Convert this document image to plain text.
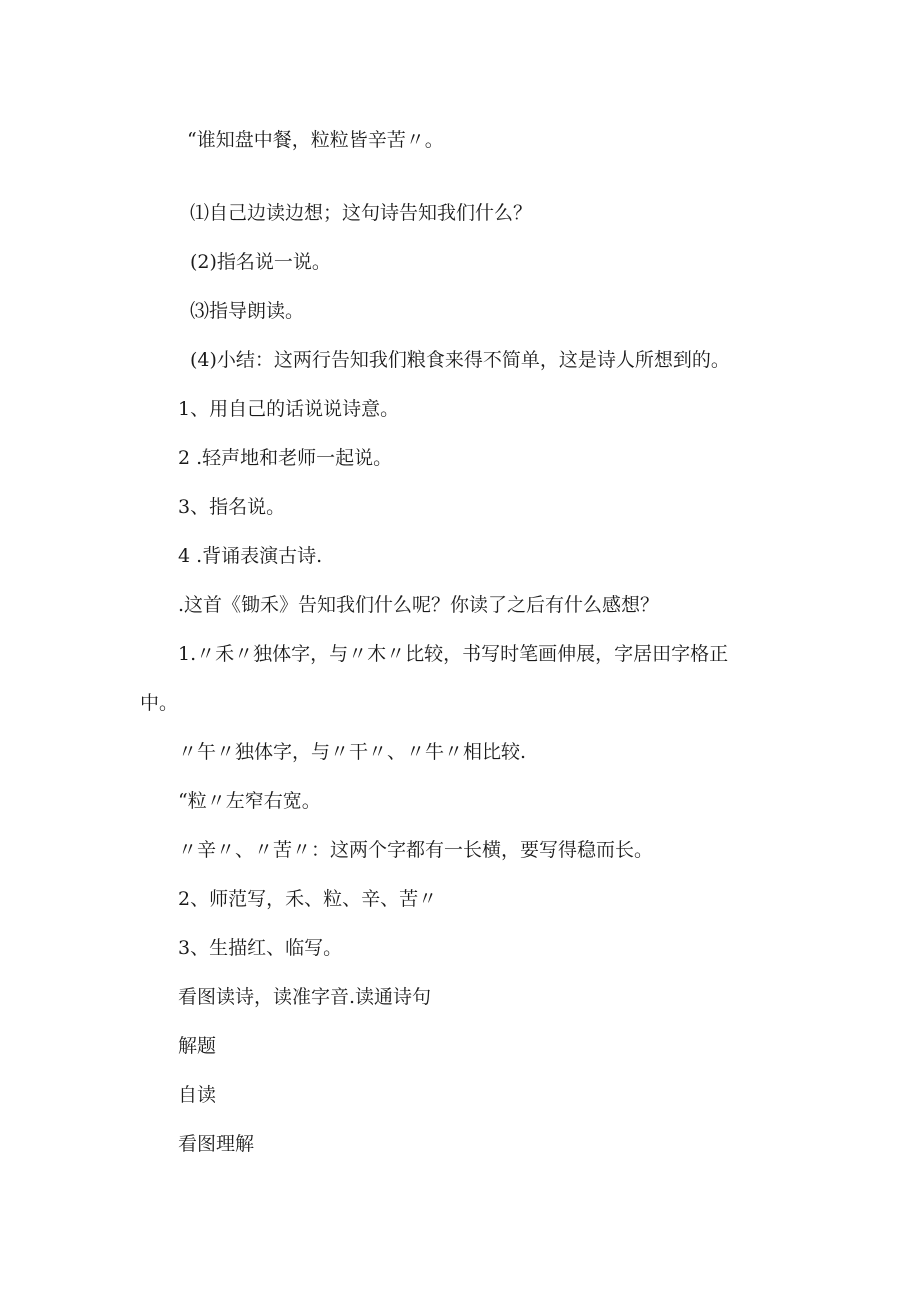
“谁知盘中餐，粒粒皆辛苦〃。
⑴自己边读边想；这句诗告知我们什么？
(2)指名说一说。
⑶指导朗读。
(4)小结：这两行告知我们粮食来得不简单，这是诗人所想到的。
1、用自己的话说说诗意。
2 .轻声地和老师一起说。
3、指名说。
4 .背诵表演古诗.
.这首《锄禾》告知我们什么呢？你读了之后有什么感想？
1.〃禾〃独体字，与〃木〃比较，书写时笔画伸展，字居田字格正
中。
〃午〃独体字，与〃干〃、〃牛〃相比较.
“粒〃左窄右宽。
〃辛〃、〃苦〃：这两个字都有一长横，要写得稳而长。
2、师范写，禾、粒、辛、苦〃
3、生描红、临写。
看图读诗，读准字音.读通诗句
解题
自读
看图理解
